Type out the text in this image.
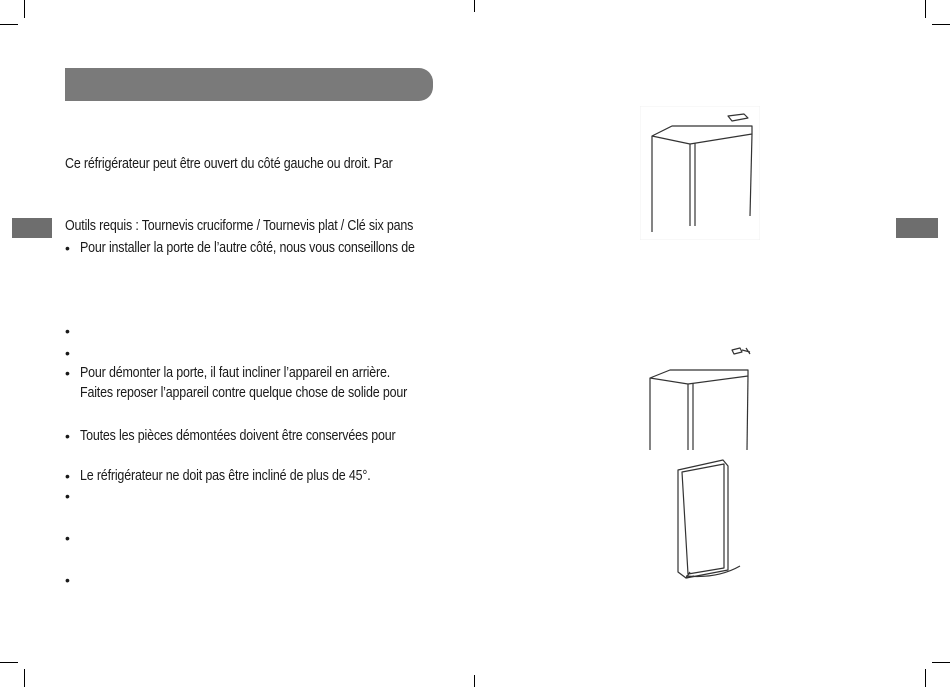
Ce réfrigérateur peut être ouvert du côté gauche ou droit. Par
Outils requis : Tournevis cruciforme / Tournevis plat / Clé six pans
• Pour installer la porte de l’autre côté, nous vous conseillons de
•
•
• Pour démonter la porte, il faut incliner l’appareil en arrière.
Faites reposer l’appareil contre quelque chose de solide pour
• Toutes les pièces démontées doivent être conservées pour
• Le réfrigérateur ne doit pas être incliné de plus de 45°.
•
•
•
